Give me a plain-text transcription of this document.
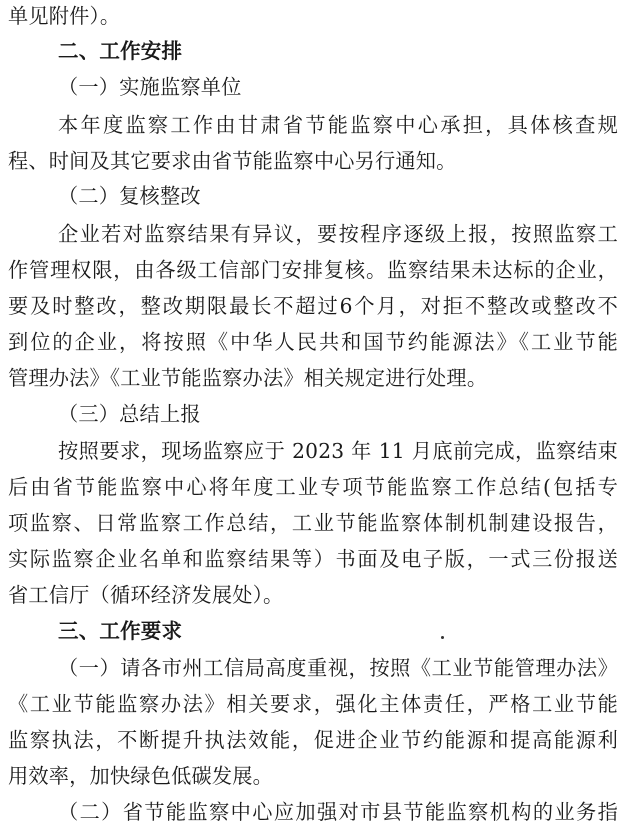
单见附件）。
二、工作安排
（一）实施监察单位
本年度监察工作由甘肃省节能监察中心承担，具体核查规
程、时间及其它要求由省节能监察中心另行通知。
（二）复核整改
企业若对监察结果有异议，要按程序逐级上报，按照监察工
作管理权限，由各级工信部门安排复核。监察结果未达标的企业，
要及时整改，整改期限最长不超过6个月，对拒不整改或整改不
到位的企业，将按照《中华人民共和国节约能源法》《工业节能
管理办法》《工业节能监察办法》相关规定进行处理。
（三）总结上报
按照要求，现场监察应于 2023 年 11 月底前完成，监察结束
后由省节能监察中心将年度工业专项节能监察工作总结(包括专
项监察、日常监察工作总结，工业节能监察体制机制建设报告，
实际监察企业名单和监察结果等）书面及电子版，一式三份报送
省工信厅（循环经济发展处）。
三、工作要求
（一）请各市州工信局高度重视，按照《工业节能管理办法》
《工业节能监察办法》相关要求，强化主体责任，严格工业节能
监察执法，不断提升执法效能，促进企业节约能源和提高能源利
用效率，加快绿色低碳发展。
（二）省节能监察中心应加强对市县节能监察机构的业务指
